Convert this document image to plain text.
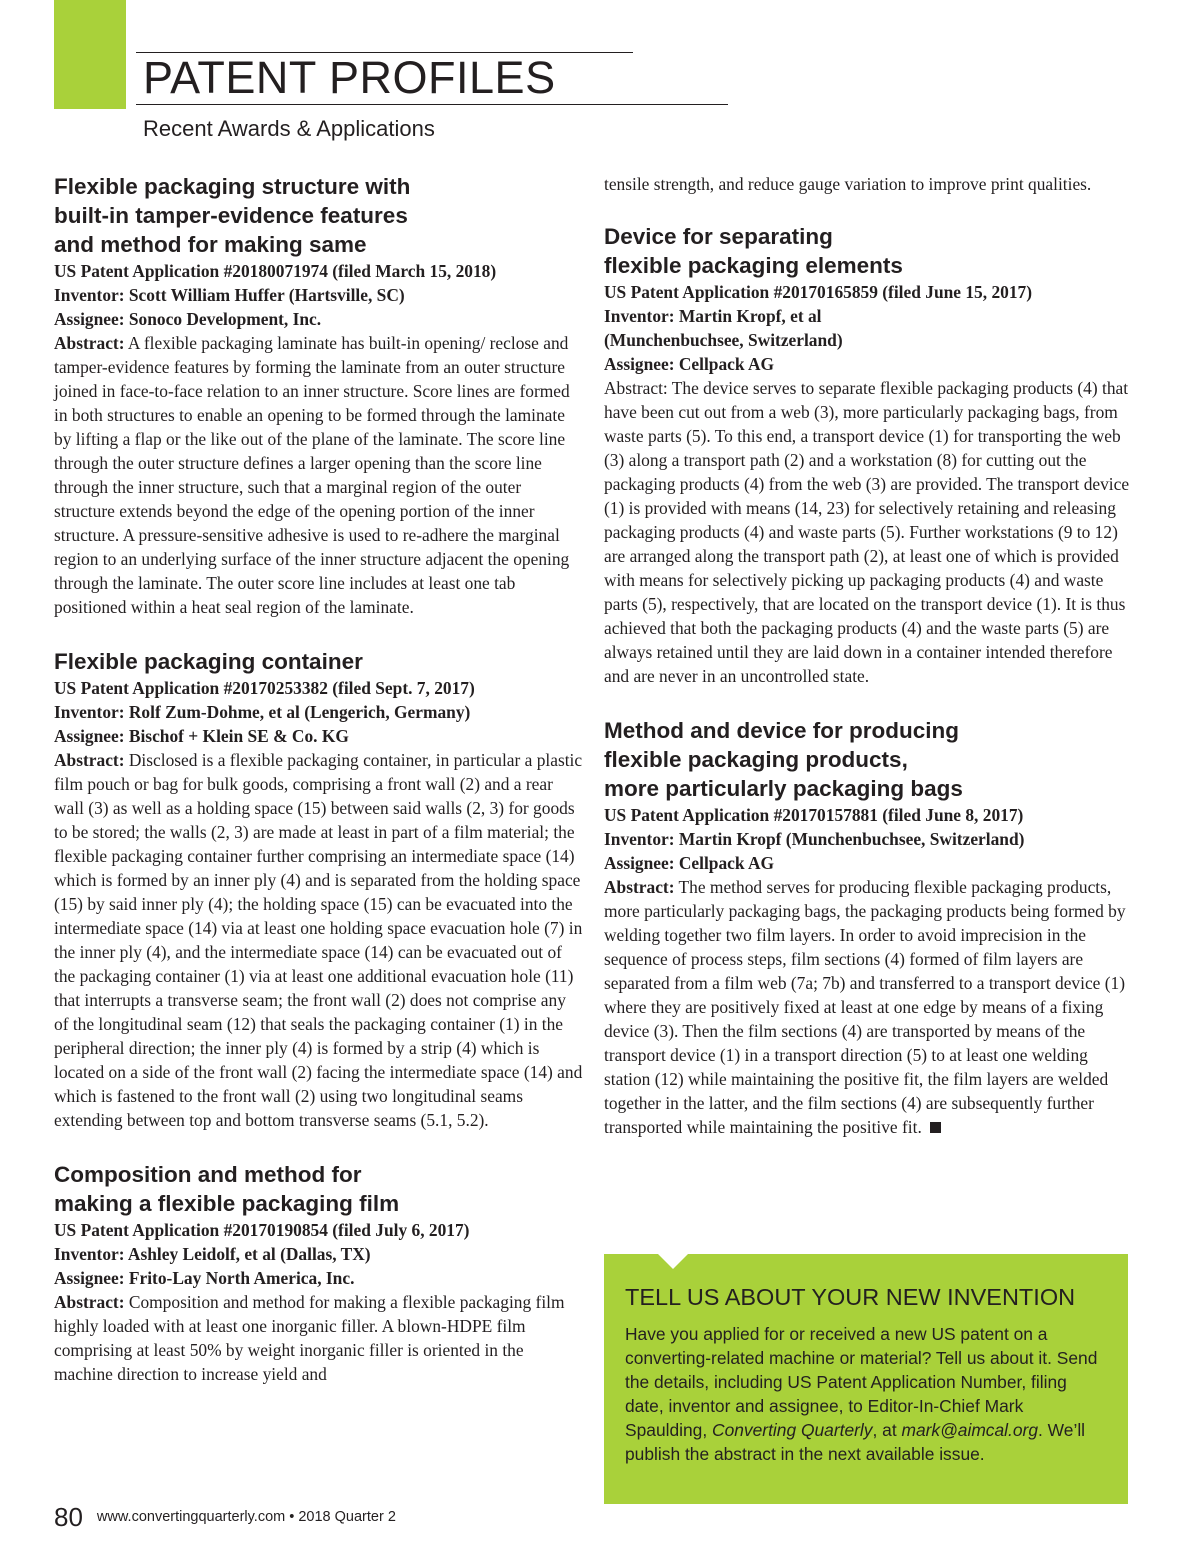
PATENT PROFILES
Recent Awards & Applications
Flexible packaging structure with
built-in tamper-evidence features
and method for making same
US Patent Application #20180071974 (filed March 15, 2018)
Inventor: Scott William Huffer (Hartsville, SC)
Assignee: Sonoco Development, Inc.

Abstract: A flexible packaging laminate has built-in opening/ reclose and tamper-evidence features by forming the laminate from an outer structure joined in face-to-face relation to an inner structure. Score lines are formed in both structures to enable an opening to be formed through the laminate by lifting a flap or the like out of the plane of the laminate. The score line through the outer structure defines a larger opening than the score line through the inner structure, such that a marginal region of the outer structure extends beyond the edge of the opening portion of the inner structure. A pressure-sensitive adhesive is used to re-adhere the marginal region to an underlying surface of the inner structure adjacent the opening through the laminate. The outer score line includes at least one tab positioned within a heat seal region of the laminate.

Flexible packaging container
US Patent Application #20170253382 (filed Sept. 7, 2017)
Inventor: Rolf Zum-Dohme, et al (Lengerich, Germany)
Assignee: Bischof + Klein SE & Co. KG

Abstract: Disclosed is a flexible packaging container, in particular a plastic film pouch or bag for bulk goods, comprising a front wall (2) and a rear wall (3) as well as a holding space (15) between said walls (2, 3) for goods to be stored; the walls (2, 3) are made at least in part of a film material; the flexible packaging container further comprising an intermediate space (14) which is formed by an inner ply (4) and is separated from the holding space (15) by said inner ply (4); the holding space (15) can be evacuated into the intermediate space (14) via at least one holding space evacuation hole (7) in the inner ply (4), and the intermediate space (14) can be evacuated out of the packaging container (1) via at least one additional evacuation hole (11) that interrupts a transverse seam; the front wall (2) does not comprise any of the longitudinal seam (12) that seals the packaging container (1) in the peripheral direction; the inner ply (4) is formed by a strip (4) which is located on a side of the front wall (2) facing the intermediate space (14) and which is fastened to the front wall (2) using two longitudinal seams extending between top and bottom transverse seams (5.1, 5.2).

Composition and method for
making a flexible packaging film
US Patent Application #20170190854 (filed July 6, 2017)
Inventor: Ashley Leidolf, et al (Dallas, TX)
Assignee: Frito-Lay North America, Inc.

Abstract: Composition and method for making a flexible packaging film highly loaded with at least one inorganic filler. A blown-HDPE film comprising at least 50% by weight inorganic filler is oriented in the machine direction to increase yield and

tensile strength, and reduce gauge variation to improve print qualities.

Device for separating
flexible packaging elements
US Patent Application #20170165859 (filed June 15, 2017)
Inventor: Martin Kropf, et al
(Munchenbuchsee, Switzerland)
Assignee: Cellpack AG

Abstract: The device serves to separate flexible packaging products (4) that have been cut out from a web (3), more particularly packaging bags, from waste parts (5). To this end, a transport device (1) for transporting the web (3) along a transport path (2) and a workstation (8) for cutting out the packaging products (4) from the web (3) are provided. The transport device (1) is provided with means (14, 23) for selectively retaining and releasing packaging products (4) and waste parts (5). Further workstations (9 to 12) are arranged along the transport path (2), at least one of which is provided with means for selectively picking up packaging products (4) and waste parts (5), respectively, that are located on the transport device (1). It is thus achieved that both the packaging products (4) and the waste parts (5) are always retained until they are laid down in a container intended therefore and are never in an uncontrolled state.

Method and device for producing
flexible packaging products,
more particularly packaging bags
US Patent Application #20170157881 (filed June 8, 2017)
Inventor: Martin Kropf (Munchenbuchsee, Switzerland)
Assignee: Cellpack AG

Abstract: The method serves for producing flexible packaging products, more particularly packaging bags, the packaging products being formed by welding together two film layers. In order to avoid imprecision in the sequence of process steps, film sections (4) formed of film layers are separated from a film web (7a; 7b) and transferred to a transport device (1) where they are positively fixed at least at one edge by means of a fixing device (3). Then the film sections (4) are transported by means of the transport device (1) in a transport direction (5) to at least one welding station (12) while maintaining the positive fit, the film layers are welded together in the latter, and the film sections (4) are subsequently further transported while maintaining the positive fit.

TELL US ABOUT YOUR NEW INVENTION

Have you applied for or received a new US patent on a converting-related machine or material? Tell us about it. Send the details, including US Patent Application Number, filing date, inventor and assignee, to Editor-In-Chief Mark Spaulding, Converting Quarterly, at mark@aimcal.org. We’ll publish the abstract in the next available issue.

80 www.convertingquarterly.com • 2018 Quarter 2
